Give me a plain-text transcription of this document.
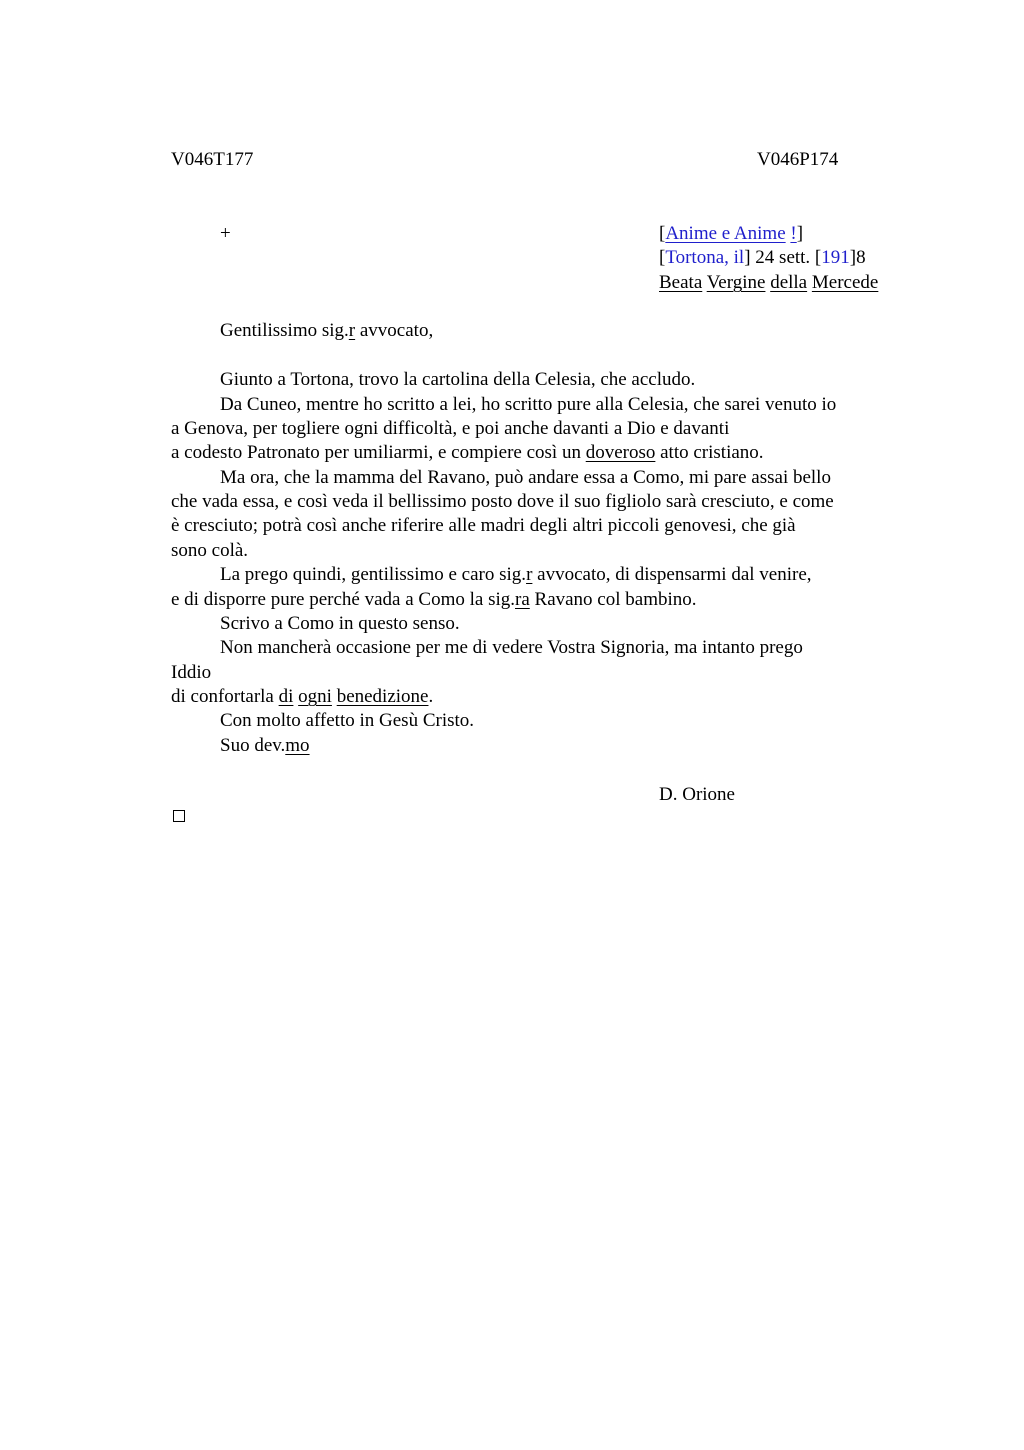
V046T177	V046P174
+	[Anime e Anime !]
[Tortona, il] 24 sett. [191]8
Beata Vergine della Mercede
Gentilissimo sig.r avvocato,
Giunto a Tortona, trovo la cartolina della Celesia, che accludo.
Da Cuneo, mentre ho scritto a lei, ho scritto pure alla Celesia, che sarei venuto io
a Genova, per togliere ogni difficoltà, e poi anche davanti a Dio e davanti
a codesto Patronato per umiliarmi, e compiere così un doveroso atto cristiano.
Ma ora, che la mamma del Ravano, può andare essa a Como, mi pare assai bello
che vada essa, e così veda il bellissimo posto dove il suo figliolo sarà cresciuto, e come
è cresciuto; potrà così anche riferire alle madri degli altri piccoli genovesi, che già
sono colà.
La prego quindi, gentilissimo e caro sig.r avvocato, di dispensarmi dal venire,
e di disporre pure perché vada a Como la sig.ra Ravano col bambino.
Scrivo a Como in questo senso.
Non mancherà occasione per me di vedere Vostra Signoria, ma intanto prego
Iddio
di confortarla di ogni benedizione.
Con molto affetto in Gesù Cristo.
Suo dev.mo
D. Orione
